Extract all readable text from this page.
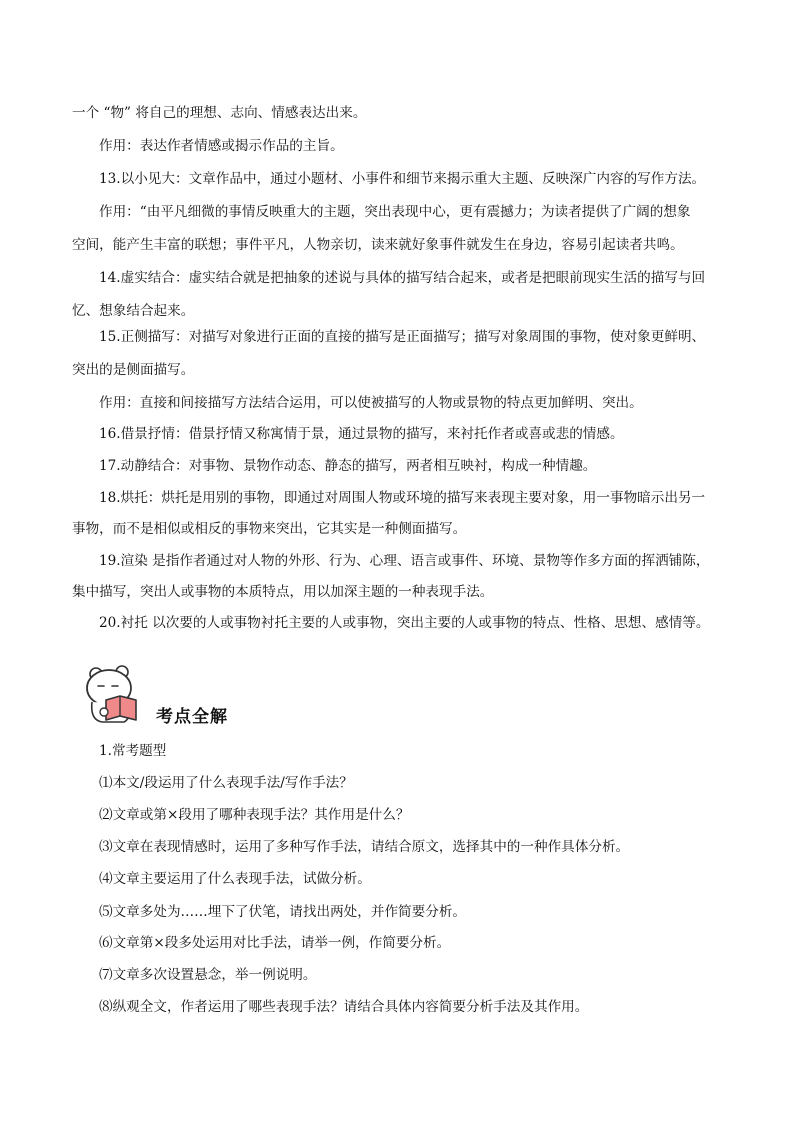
一个 “物” 将自己的理想、志向、情感表达出来。

作用：表达作者情感或揭示作品的主旨。

13.以小见大：文章作品中，通过小题材、小事件和细节来揭示重大主题、反映深广内容的写作方法。

作用：“由平凡细微的事情反映重大的主题，突出表现中心，更有震撼力；为读者提供了广阔的想象

空间，能产生丰富的联想；事件平凡，人物亲切，读来就好象事件就发生在身边，容易引起读者共鸣。

14.虚实结合：虚实结合就是把抽象的述说与具体的描写结合起来，或者是把眼前现实生活的描写与回

忆、想象结合起来。

15.正侧描写：对描写对象进行正面的直接的描写是正面描写；描写对象周围的事物，使对象更鲜明、

突出的是侧面描写。

作用：直接和间接描写方法结合运用，可以使被描写的人物或景物的特点更加鲜明、突出。

16.借景抒情：借景抒情又称寓情于景，通过景物的描写，来衬托作者或喜或悲的情感。

17.动静结合：对事物、景物作动态、静态的描写，两者相互映衬，构成一种情趣。

18.烘托：烘托是用别的事物，即通过对周围人物或环境的描写来表现主要对象，用一事物暗示出另一

事物，而不是相似或相反的事物来突出，它其实是一种侧面描写。

19.渲染 是指作者通过对人物的外形、行为、心理、语言或事件、环境、景物等作多方面的挥洒铺陈，

集中描写，突出人或事物的本质特点，用以加深主题的一种表现手法。

20.衬托 以次要的人或事物衬托主要的人或事物，突出主要的人或事物的特点、性格、思想、感情等。

考点全解

1.常考题型

⑴本文/段运用了什么表现手法/写作手法？

⑵文章或第×段用了哪种表现手法？其作用是什么？

⑶文章在表现情感时，运用了多种写作手法，请结合原文，选择其中的一种作具体分析。

⑷文章主要运用了什么表现手法，试做分析。

⑸文章多处为……埋下了伏笔，请找出两处，并作简要分析。

⑹文章第×段多处运用对比手法，请举一例，作简要分析。

⑺文章多次设置悬念，举一例说明。

⑻纵观全文，作者运用了哪些表现手法？请结合具体内容简要分析手法及其作用。
